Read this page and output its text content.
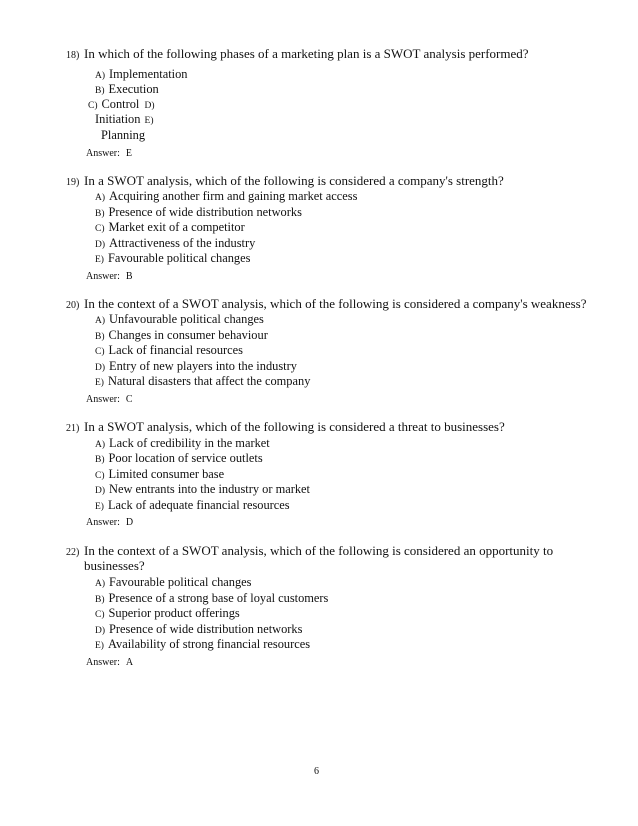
18) In which of the following phases of a marketing plan is a SWOT analysis performed?
A) Implementation
B) Execution
C) Control D)
Initiation E)
Planning
Answer: E
19) In a SWOT analysis, which of the following is considered a company's strength?
A) Acquiring another firm and gaining market access
B) Presence of wide distribution networks
C) Market exit of a competitor
D) Attractiveness of the industry
E) Favourable political changes
Answer: B
20) In the context of a SWOT analysis, which of the following is considered a company's weakness?
A) Unfavourable political changes
B) Changes in consumer behaviour
C) Lack of financial resources
D) Entry of new players into the industry
E) Natural disasters that affect the company
Answer: C
21) In a SWOT analysis, which of the following is considered a threat to businesses?
A) Lack of credibility in the market
B) Poor location of service outlets
C) Limited consumer base
D) New entrants into the industry or market
E) Lack of adequate financial resources
Answer: D
22) In the context of a SWOT analysis, which of the following is considered an opportunity to
businesses?
A) Favourable political changes
B) Presence of a strong base of loyal customers
C) Superior product offerings
D) Presence of wide distribution networks
E) Availability of strong financial resources
Answer: A
6
